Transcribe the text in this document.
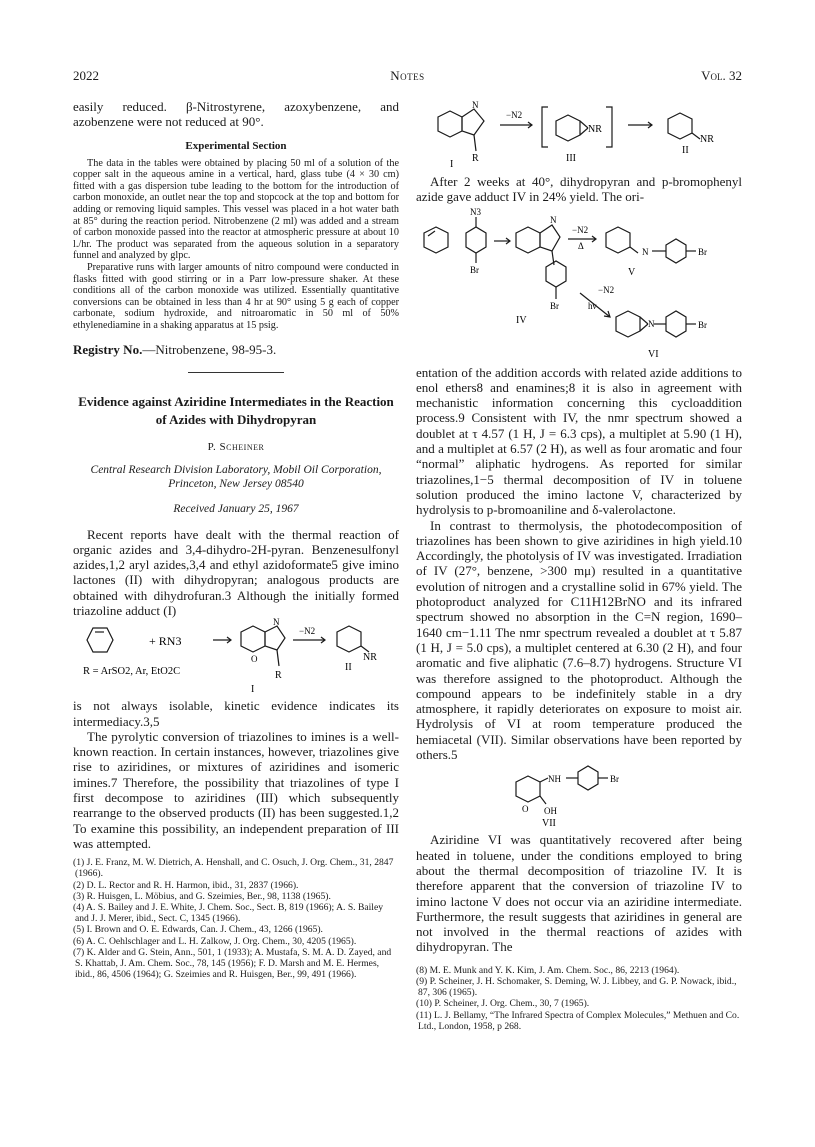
2022	Notes	Vol. 32

easily reduced. β-Nitrostyrene, azoxybenzene, and azobenzene were not reduced at 90°.

Experimental Section

The data in the tables were obtained by placing 50 ml of a solution of the copper salt in the aqueous amine in a vertical, hard, glass tube (4 × 30 cm) fitted with a gas dispersion tube leading to the bottom for the introduction of carbon monoxide, an outlet near the top and stopcock at the top and bottom for adding or removing liquid samples. This vessel was placed in a hot water bath at 85° during the reaction period. Nitrobenzene (2 ml) was added and a stream of carbon monoxide passed into the reactor at atmospheric pressure at about 10 l./hr. The product was separated from the aqueous solution in a separatory funnel and analyzed by glpc.

Preparative runs with larger amounts of nitro compound were conducted in flasks fitted with good stirring or in a Parr low-pressure shaker. At these conditions all of the carbon monoxide was utilized. Essentially quantitative conversions can be obtained in less than 4 hr at 90° using 5 g each of copper carbonate, sodium hydroxide, and nitroaromatic in 50 ml of 50% ethylenediamine in a shaking apparatus at 15 psig.

Registry No.—Nitrobenzene, 98-95-3.
Evidence against Aziridine Intermediates in the Reaction of Azides with Dihydropyran
P. Scheiner
Central Research Division Laboratory, Mobil Oil Corporation, Princeton, New Jersey 08540
Received January 25, 1967

Recent reports have dealt with the thermal reaction of organic azides and 3,4-dihydro-2H-pyran. Benzenesulfonyl azides,1,2 aryl azides,3,4 and ethyl azidoformate5 give imino lactones (II) with dihydropyran; analogous products are obtained with dihydrofuran.3 Although the initially formed triazoline adduct (I)

+ RN3
−N2
N
O
R
I
NR
II
R = ArSO2, Ar, EtO2C

is not always isolable, kinetic evidence indicates its intermediacy.3,5

The pyrolytic conversion of triazolines to imines is a well-known reaction. In certain instances, however, triazolines give rise to aziridines, or mixtures of aziridines and isomeric imines.7 Therefore, the possibility that triazolines of type I first decompose to aziridines (III) which subsequently rearrange to the observed products (II) has been suggested.1,2 To examine this possibility, an independent preparation of III was attempted.

(1) J. E. Franz, M. W. Dietrich, A. Henshall, and C. Osuch, J. Org. Chem., 31, 2847 (1966).

(2) D. L. Rector and R. H. Harmon, ibid., 31, 2837 (1966).

(3) R. Huisgen, L. Möbius, and G. Szeimies, Ber., 98, 1138 (1965).

(4) A. S. Bailey and J. E. White, J. Chem. Soc., Sect. B, 819 (1966); A. S. Bailey and J. J. Merer, ibid., Sect. C, 1345 (1966).

(5) I. Brown and O. E. Edwards, Can. J. Chem., 43, 1266 (1965).

(6) A. C. Oehlschlager and L. H. Zalkow, J. Org. Chem., 30, 4205 (1965).

(7) K. Alder and G. Stein, Ann., 501, 1 (1933); A. Mustafa, S. M. A. D. Zayed, and S. Khattab, J. Am. Chem. Soc., 78, 145 (1956); F. D. Marsh and M. E. Hermes, ibid., 86, 4506 (1964); G. Szeimies and R. Huisgen, Ber., 99, 491 (1966).

N
R
I
−N2
NR
III
NR
II

After 2 weeks at 40°, dihydropyran and p-bromophenyl azide gave adduct IV in 24% yield. The ori-

N3
Br
N
−N2
Δ
N	Br
V
Br
IV
−N2
hν
N	Br
VI

entation of the addition accords with related azide additions to enol ethers8 and enamines;8 it is also in agreement with mechanistic information concerning this cycloaddition process.9 Consistent with IV, the nmr spectrum showed a doublet at τ 4.57 (1 H, J = 6.3 cps), a multiplet at 5.90 (1 H), and a multiplet at 6.57 (2 H), as well as four aromatic and four “normal” aliphatic hydrogens. As reported for similar triazolines,1−5 thermal decomposition of IV in toluene solution produced the imino lactone V, characterized by hydrolysis to p-bromoaniline and δ-valerolactone.

In contrast to thermolysis, the photodecomposition of triazolines has been shown to give aziridines in high yield.10 Accordingly, the photolysis of IV was investigated. Irradiation of IV (27°, benzene, >300 mμ) resulted in a quantitative evolution of nitrogen and a crystalline solid in 67% yield. The photoproduct analyzed for C11H12BrNO and its infrared spectrum showed no absorption in the C=N region, 1690–1640 cm−1.11 The nmr spectrum revealed a doublet at τ 5.87 (1 H, J = 5.0 cps), a multiplet centered at 6.30 (2 H), and four aromatic and five aliphatic (7.6–8.7) hydrogens. Structure VI was therefore assigned to the photoproduct. Although the compound appears to be indefinitely stable in a dry atmosphere, it rapidly deteriorates on exposure to moist air. Hydrolysis of VI at room temperature produced the hemiacetal (VII). Similar observations have been reported by others.5

NH	Br
O OH
VII

Aziridine VI was quantitatively recovered after being heated in toluene, under the conditions employed to bring about the thermal decomposition of triazoline IV. It is therefore apparent that the conversion of triazoline IV to imino lactone V does not occur via an aziridine intermediate. Furthermore, the result suggests that aziridines in general are not involved in the thermal reactions of azides with dihydropyran. The

(8) M. E. Munk and Y. K. Kim, J. Am. Chem. Soc., 86, 2213 (1964).

(9) P. Scheiner, J. H. Schomaker, S. Deming, W. J. Libbey, and G. P. Nowack, ibid., 87, 306 (1965).

(10) P. Scheiner, J. Org. Chem., 30, 7 (1965).

(11) L. J. Bellamy, “The Infrared Spectra of Complex Molecules,” Methuen and Co. Ltd., London, 1958, p 268.
